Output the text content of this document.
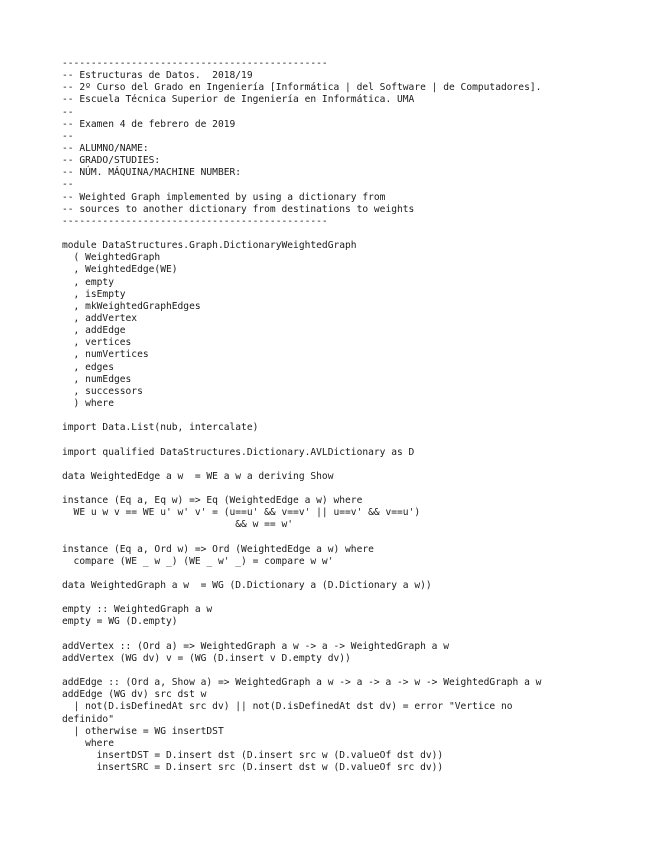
----------------------------------------------
-- Estructuras de Datos.  2018/19
-- 2º Curso del Grado en Ingeniería [Informática | del Software | de Computadores].
-- Escuela Técnica Superior de Ingeniería en Informática. UMA
--
-- Examen 4 de febrero de 2019
--
-- ALUMNO/NAME:
-- GRADO/STUDIES:
-- NÚM. MÁQUINA/MACHINE NUMBER:
--
-- Weighted Graph implemented by using a dictionary from
-- sources to another dictionary from destinations to weights
----------------------------------------------
module DataStructures.Graph.DictionaryWeightedGraph
( WeightedGraph
, WeightedEdge(WE)
, empty
, isEmpty
, mkWeightedGraphEdges
, addVertex
, addEdge
, vertices
, numVertices
, edges
, numEdges
, successors
) where
import Data.List(nub, intercalate)
import qualified DataStructures.Dictionary.AVLDictionary as D
data WeightedEdge a w  = WE a w a deriving Show
instance (Eq a, Eq w) => Eq (WeightedEdge a w) where
WE u w v == WE u' w' v' = (u==u' && v==v' || u==v' && v==u')
&& w == w'
instance (Eq a, Ord w) => Ord (WeightedEdge a w) where
compare (WE _ w _) (WE _ w' _) = compare w w'
data WeightedGraph a w  = WG (D.Dictionary a (D.Dictionary a w))
empty :: WeightedGraph a w
empty = WG (D.empty)
addVertex :: (Ord a) => WeightedGraph a w -> a -> WeightedGraph a w
addVertex (WG dv) v = (WG (D.insert v D.empty dv))
addEdge :: (Ord a, Show a) => WeightedGraph a w -> a -> a -> w -> WeightedGraph a w
addEdge (WG dv) src dst w
| not(D.isDefinedAt src dv) || not(D.isDefinedAt dst dv) = error "Vertice no
definido"
| otherwise = WG insertDST
where
insertDST = D.insert dst (D.insert src w (D.valueOf dst dv))
insertSRC = D.insert src (D.insert dst w (D.valueOf src dv))
